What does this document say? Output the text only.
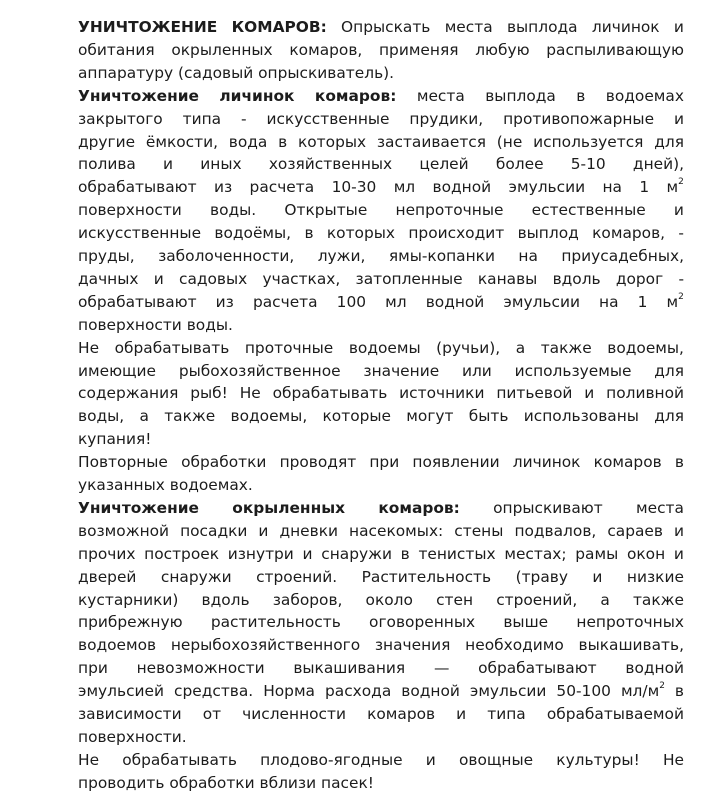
УНИЧТОЖЕНИЕ КОМАРОВ: Опрыскать места выплода личинок и
обитания окрыленных комаров, применяя любую распыливающую
аппаратуру (садовый опрыскиватель).
Уничтожение личинок комаров: места выплода в водоемах
закрытого типа - искусственные прудики, противопожарные и
другие ёмкости, вода в которых застаивается (не используется для
полива и иных хозяйственных целей более 5-10 дней),
обрабатывают из расчета 10-30 мл водной эмульсии на 1 $м^2$
поверхности воды. Открытые непроточные естественные и
искусственные водоёмы, в которых происходит выплод комаров, -
пруды, заболоченности, лужи, ямы-копанки на приусадебных,
дачных и садовых участках, затопленные канавы вдоль дорог -
обрабатывают из расчета 100 мл водной эмульсии на 1 $м^2$
поверхности воды.
Не обрабатывать проточные водоемы (ручьи), а также водоемы,
имеющие рыбохозяйственное значение или используемые для
содержания рыб! Не обрабатывать источники питьевой и поливной
воды, а также водоемы, которые могут быть использованы для
купания!
Повторные обработки проводят при появлении личинок комаров в
указанных водоемах.
Уничтожение окрыленных комаров: опрыскивают места
возможной посадки и дневки насекомых: стены подвалов, сараев и
прочих построек изнутри и снаружи в тенистых местах; рамы окон и
дверей снаружи строений. Растительность (траву и низкие
кустарники) вдоль заборов, около стен строений, а также
прибрежную растительность оговоренных выше непроточных
водоемов нерыбохозяйственного значения необходимо выкашивать,
при невозможности выкашивания — обрабатывают водной
эмульсией средства. Норма расхода водной эмульсии 50-100 $мл/м^2$ в
зависимости от численности комаров и типа обрабатываемой
поверхности.
Не обрабатывать плодово-ягодные и овощные культуры! Не
проводить обработки вблизи пасек!
